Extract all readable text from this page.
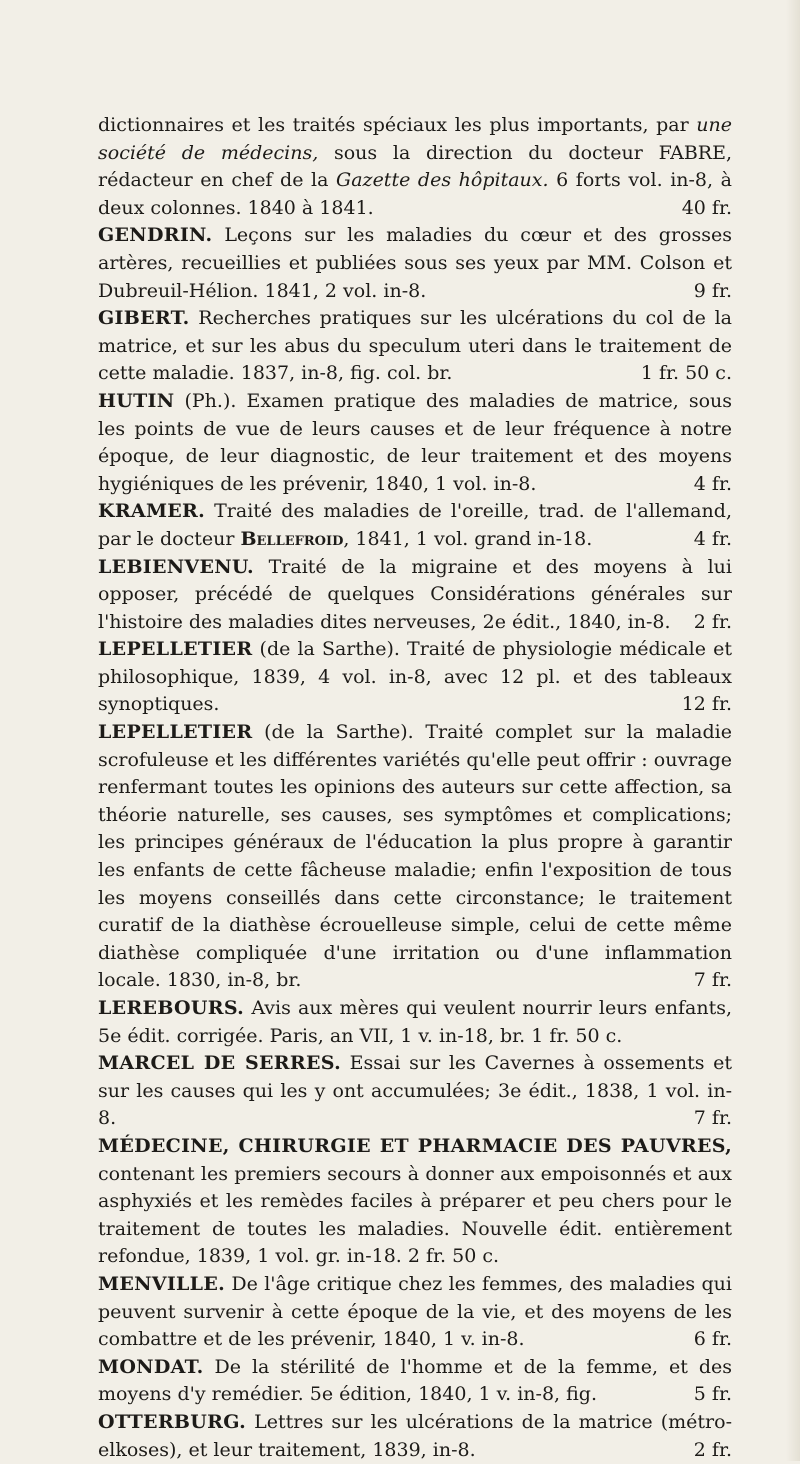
dictionnaires et les traités spéciaux les plus importants, par une société de médecins, sous la direction du docteur FABRE, rédacteur en chef de la Gazette des hôpitaux. 6 forts vol. in-8, à deux colonnes. 1840 à 1841.	40 fr.

GENDRIN. Leçons sur les maladies du cœur et des grosses artères, recueillies et publiées sous ses yeux par MM. Colson et Dubreuil-Hélion. 1841, 2 vol. in-8.	9 fr.

GIBERT. Recherches pratiques sur les ulcérations du col de la matrice, et sur les abus du speculum uteri dans le traitement de cette maladie. 1837, in-8, fig. col. br.	1 fr. 50 c.

HUTIN (Ph.). Examen pratique des maladies de matrice, sous les points de vue de leurs causes et de leur fréquence à notre époque, de leur diagnostic, de leur traitement et des moyens hygiéniques de les prévenir, 1840, 1 vol. in-8.	4 fr.

KRAMER. Traité des maladies de l'oreille, trad. de l'allemand, par le docteur Bellefroid, 1841, 1 vol. grand in-18.	4 fr.

LEBIENVENU. Traité de la migraine et des moyens à lui opposer, précédé de quelques Considérations générales sur l'histoire des maladies dites nerveuses, 2e édit., 1840, in-8. 2 fr.

LEPELLETIER (de la Sarthe). Traité de physiologie médicale et philosophique, 1839, 4 vol. in-8, avec 12 pl. et des tableaux synoptiques.	12 fr.

LEPELLETIER (de la Sarthe). Traité complet sur la maladie scrofuleuse et les différentes variétés qu'elle peut offrir : ouvrage renfermant toutes les opinions des auteurs sur cette affection, sa théorie naturelle, ses causes, ses symptômes et complications; les principes généraux de l'éducation la plus propre à garantir les enfants de cette fâcheuse maladie; enfin l'exposition de tous les moyens conseillés dans cette circonstance; le traitement curatif de la diathèse écrouelleuse simple, celui de cette même diathèse compliquée d'une irritation ou d'une inflammation locale. 1830, in-8, br.	7 fr.

LEREBOURS. Avis aux mères qui veulent nourrir leurs enfants, 5e édit. corrigée. Paris, an VII, 1 v. in-18, br. 1 fr. 50 c.

MARCEL DE SERRES. Essai sur les Cavernes à ossements et sur les causes qui les y ont accumulées; 3e édit., 1838, 1 vol. in-8.	7 fr.

MÉDECINE, CHIRURGIE ET PHARMACIE DES PAUVRES, contenant les premiers secours à donner aux empoisonnés et aux asphyxiés et les remèdes faciles à préparer et peu chers pour le traitement de toutes les maladies. Nouvelle édit. entièrement refondue, 1839, 1 vol. gr. in-18. 2 fr. 50 c.

MENVILLE. De l'âge critique chez les femmes, des maladies qui peuvent survenir à cette époque de la vie, et des moyens de les combattre et de les prévenir, 1840, 1 v. in-8.	6 fr.

MONDAT. De la stérilité de l'homme et de la femme, et des moyens d'y remédier. 5e édition, 1840, 1 v. in-8, fig.	5 fr.

OTTERBURG. Lettres sur les ulcérations de la matrice (métro-elkoses), et leur traitement, 1839, in-8.	2 fr.
